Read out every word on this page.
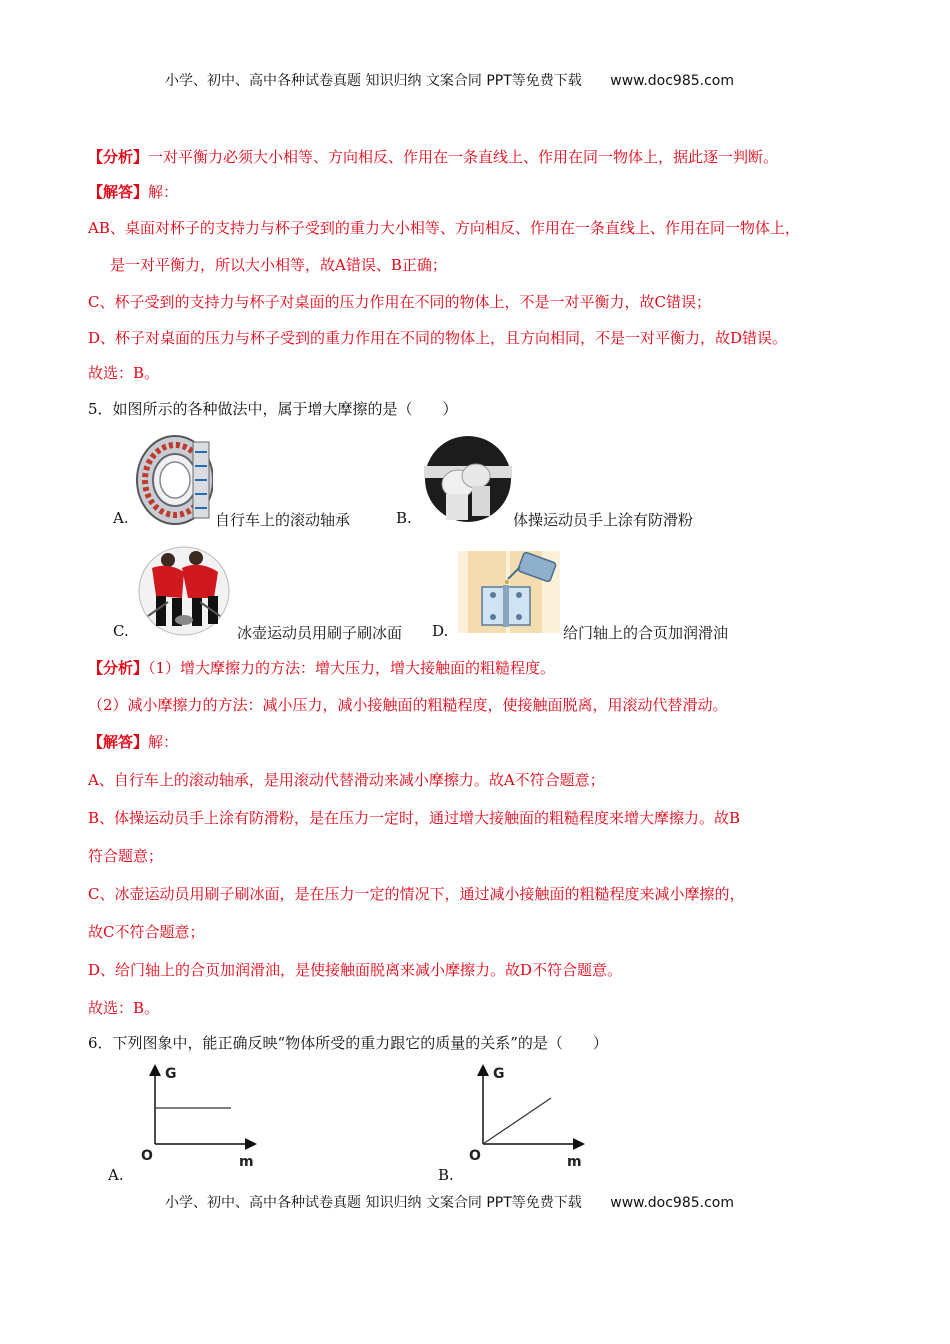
小学、初中、高中各种试卷真题 知识归纳 文案合同 PPT等免费下载 www.doc985.com
【分析】一对平衡力必须大小相等、方向相反、作用在一条直线上、作用在同一物体上，据此逐一判断。
【解答】解：
AB、桌面对杯子的支持力与杯子受到的重力大小相等、方向相反、作用在一条直线上、作用在同一物体上，
是一对平衡力，所以大小相等，故A错误、B正确；
C、杯子受到的支持力与杯子对桌面的压力作用在不同的物体上，不是一对平衡力，故C错误；
D、杯子对桌面的压力与杯子受到的重力作用在不同的物体上，且方向相同，不是一对平衡力，故D错误。
故选：B。
5．如图所示的各种做法中，属于增大摩擦的是（　　）
A.	自行车上的滚动轴承	B.	体操运动员手上涂有防滑粉
C.	冰壶运动员用刷子刷冰面 D.	给门轴上的合页加润滑油
【分析】（1）增大摩擦力的方法：增大压力，增大接触面的粗糙程度。
（2）减小摩擦力的方法：减小压力，减小接触面的粗糙程度，使接触面脱离，用滚动代替滑动。
【解答】解：
A、自行车上的滚动轴承，是用滚动代替滑动来减小摩擦力。故A不符合题意；
B、体操运动员手上涂有防滑粉，是在压力一定时，通过增大接触面的粗糙程度来增大摩擦力。故B
符合题意；
C、冰壶运动员用刷子刷冰面，是在压力一定的情况下，通过减小接触面的粗糙程度来减小摩擦的，
故C不符合题意；
D、给门轴上的合页加润滑油，是使接触面脱离来减小摩擦力。故D不符合题意。
故选：B。
6．下列图象中，能正确反映“物体所受的重力跟它的质量的关系”的是（　　）
A.
G
O	m
B.
G
O	m
小学、初中、高中各种试卷真题 知识归纳 文案合同 PPT等免费下载 www.doc985.com
